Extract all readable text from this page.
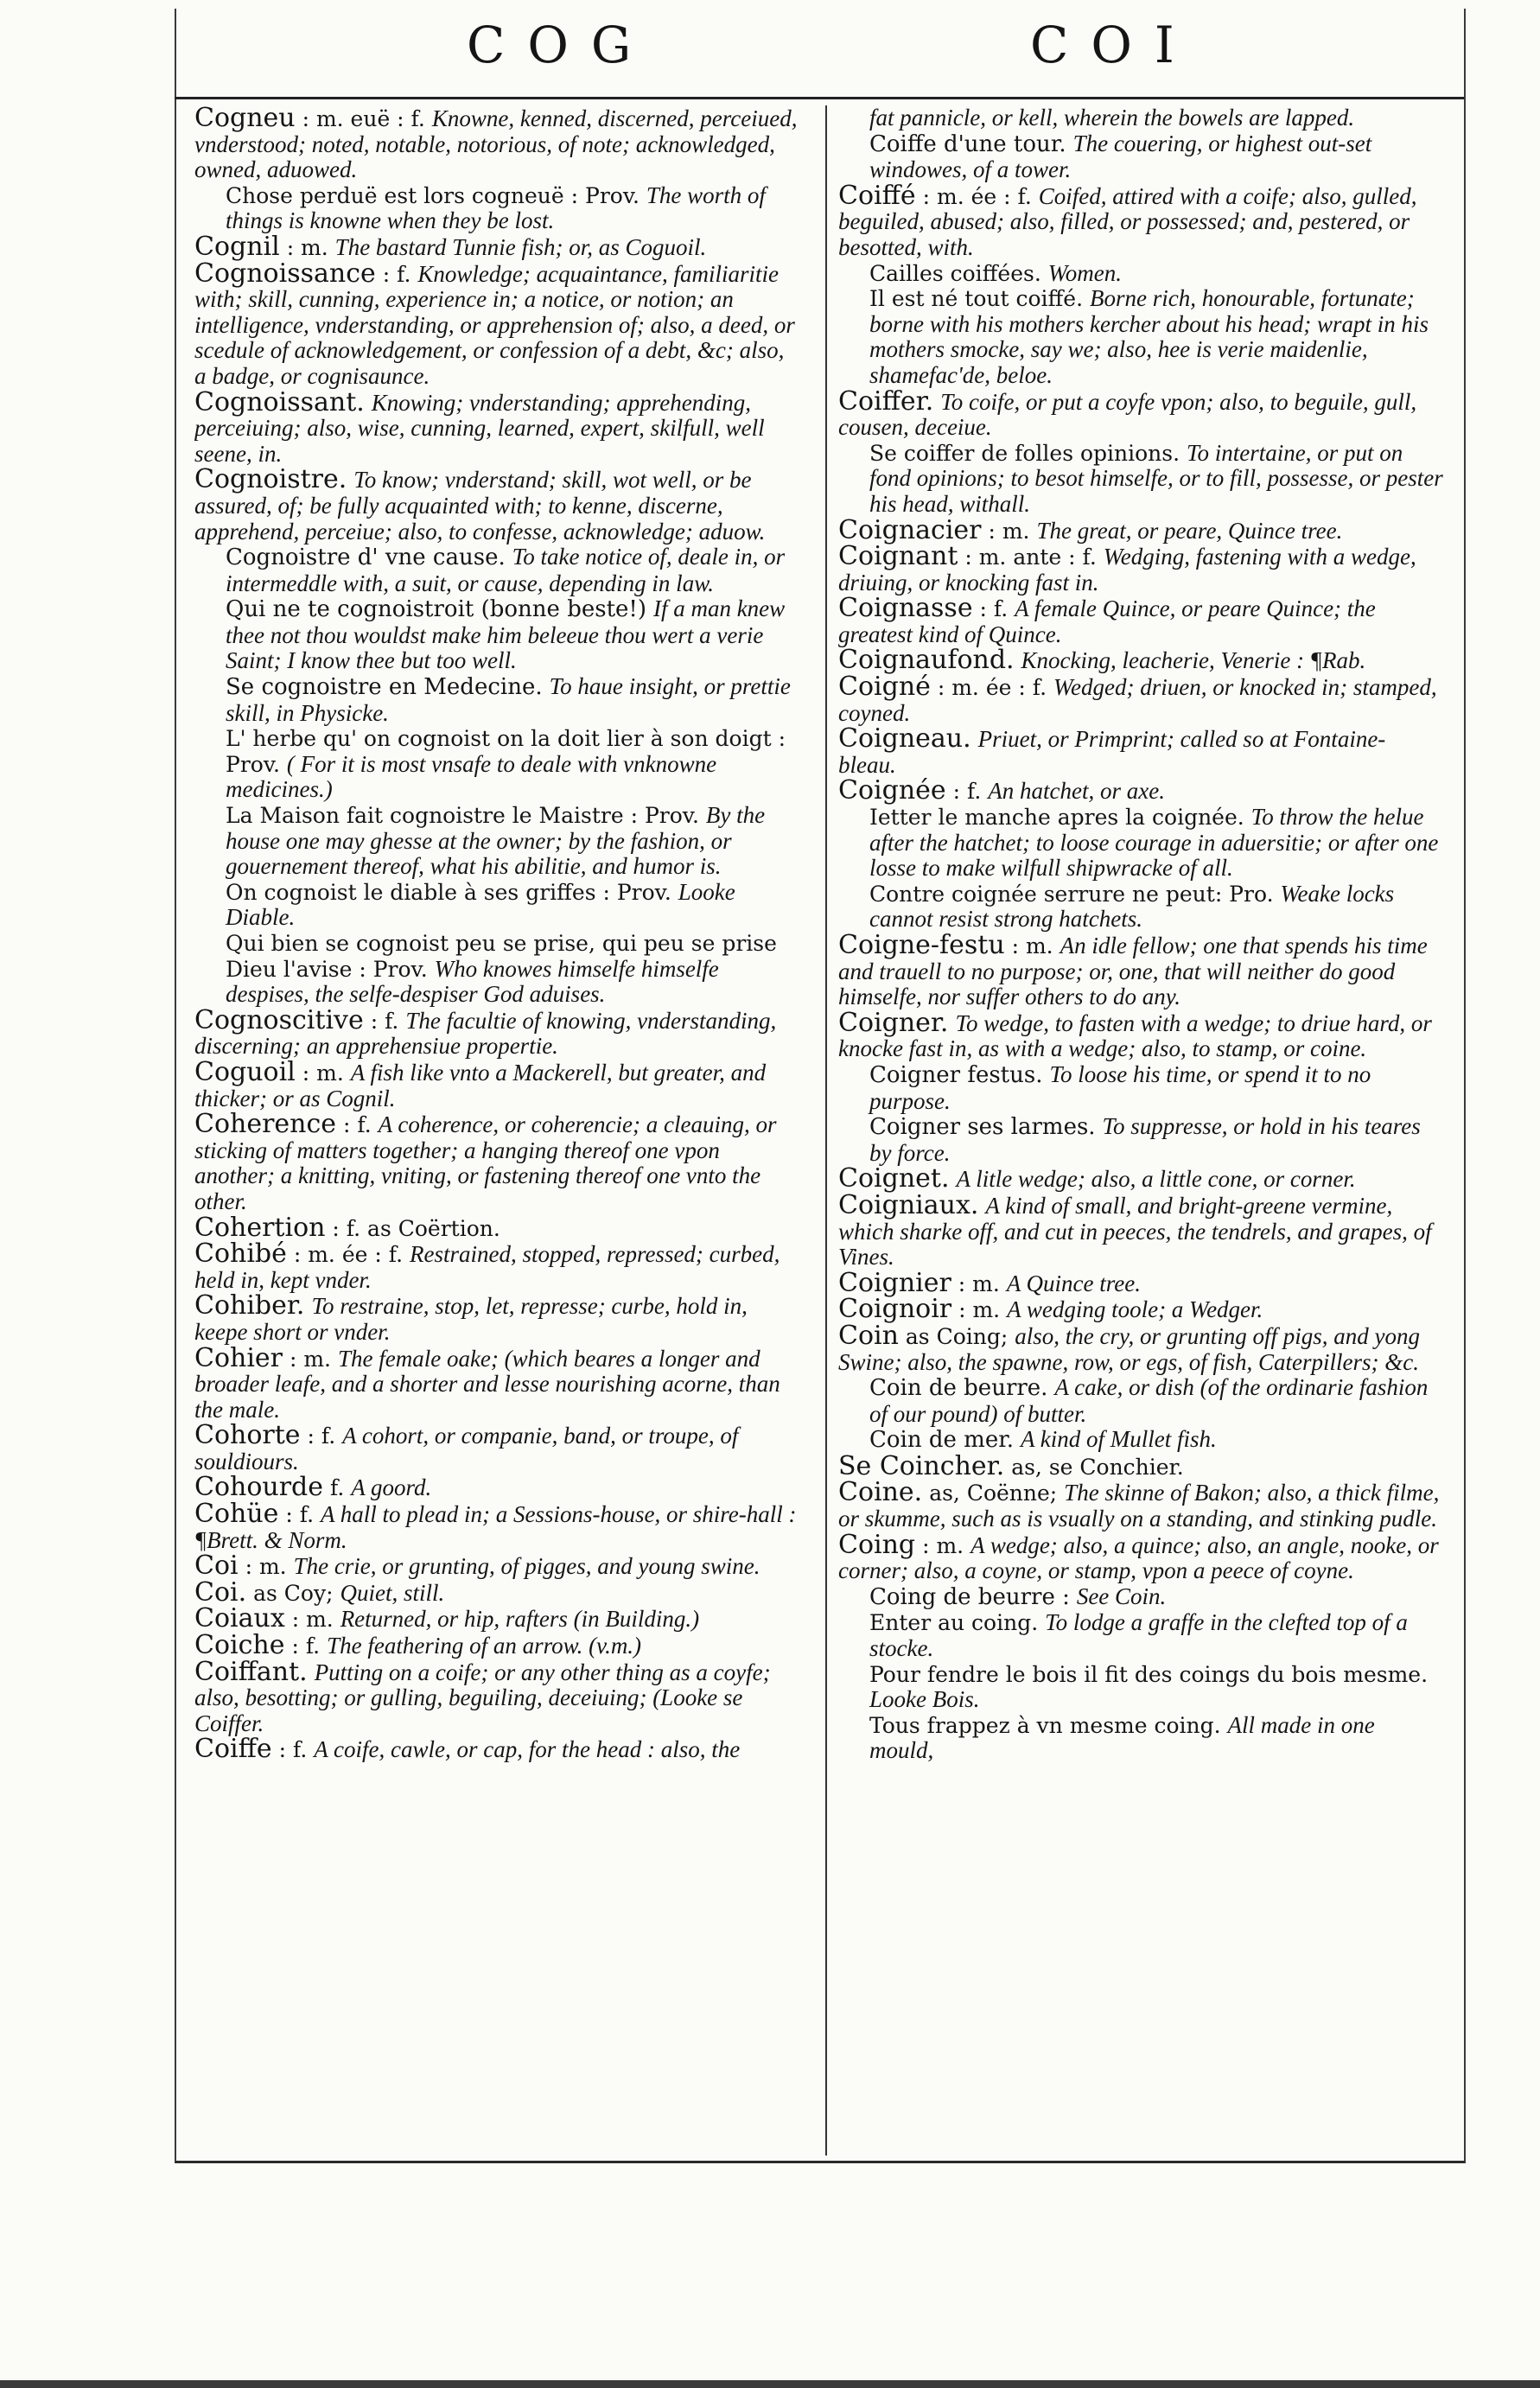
COG	COI

Cogneu : m. euë : f. Knowne, kenned, discerned, perceiued, vnderstood; noted, notable, notorious, of note; acknowledged, owned, aduowed.

Chose perduë est lors cogneuë : Prov. The worth of things is knowne when they be lost.

Cognil : m. The bastard Tunnie fish; or, as Coguoil.

Cognoissance : f. Knowledge; acquaintance, familiaritie with; skill, cunning, experience in; a notice, or notion; an intelligence, vnderstanding, or apprehension of; also, a deed, or scedule of acknowledgement, or confession of a debt, &c; also, a badge, or cognisaunce.

Cognoissant. Knowing; vnderstanding; apprehending, perceiuing; also, wise, cunning, learned, expert, skilfull, well seene, in.

Cognoistre. To know; vnderstand; skill, wot well, or be assured, of; be fully acquainted with; to kenne, discerne, apprehend, perceiue; also, to confesse, acknowledge; aduow.

Cognoistre d' vne cause. To take notice of, deale in, or intermeddle with, a suit, or cause, depending in law.

Qui ne te cognoistroit (bonne beste!) If a man knew thee not thou wouldst make him beleeue thou wert a verie Saint; I know thee but too well.

Se cognoistre en Medecine. To haue insight, or prettie skill, in Physicke.

L' herbe qu' on cognoist on la doit lier à son doigt : Prov. ( For it is most vnsafe to deale with vnknowne medicines.)

La Maison fait cognoistre le Maistre : Prov. By the house one may ghesse at the owner; by the fashion, or gouernement thereof, what his abilitie, and humor is.

On cognoist le diable à ses griffes : Prov. Looke Diable.

Qui bien se cognoist peu se prise, qui peu se prise Dieu l'avise : Prov. Who knowes himselfe himselfe despises, the selfe-despiser God aduises.

Cognoscitive : f. The facultie of knowing, vnderstanding, discerning; an apprehensiue propertie.

Coguoil : m. A fish like vnto a Mackerell, but greater, and thicker; or as Cognil.

Coherence : f. A coherence, or coherencie; a cleauing, or sticking of matters together; a hanging thereof one vpon another; a knitting, vniting, or fastening thereof one vnto the other.

Cohertion : f. as Coërtion.

Cohibé : m. ée : f. Restrained, stopped, repressed; curbed, held in, kept vnder.

Cohiber. To restraine, stop, let, represse; curbe, hold in, keepe short or vnder.

Cohier : m. The female oake; (which beares a longer and broader leafe, and a shorter and lesse nourishing acorne, than the male.

Cohorte : f. A cohort, or companie, band, or troupe, of souldiours.

Cohourde f. A goord.

Cohüe : f. A hall to plead in; a Sessions-house, or shire-hall : ¶Brett. & Norm.

Coi : m. The crie, or grunting, of pigges, and young swine.

Coi. as Coy; Quiet, still.

Coiaux : m. Returned, or hip, rafters (in Building.)

Coiche : f. The feathering of an arrow. (v.m.)

Coiffant. Putting on a coife; or any other thing as a coyfe; also, besotting; or gulling, beguiling, deceiuing; (Looke se Coiffer.

Coiffe : f. A coife, cawle, or cap, for the head : also, the

fat pannicle, or kell, wherein the bowels are lapped.

Coiffe d'une tour. The couering, or highest out-set windowes, of a tower.

Coiffé : m. ée : f. Coifed, attired with a coife; also, gulled, beguiled, abused; also, filled, or possessed; and, pestered, or besotted, with.

Cailles coiffées. Women.

Il est né tout coiffé. Borne rich, honourable, fortunate; borne with his mothers kercher about his head; wrapt in his mothers smocke, say we; also, hee is verie maidenlie, shamefac'de, beloe.

Coiffer. To coife, or put a coyfe vpon; also, to beguile, gull, cousen, deceiue.

Se coiffer de folles opinions. To intertaine, or put on fond opinions; to besot himselfe, or to fill, possesse, or pester his head, withall.

Coignacier : m. The great, or peare, Quince tree.

Coignant : m. ante : f. Wedging, fastening with a wedge, driuing, or knocking fast in.

Coignasse : f. A female Quince, or peare Quince; the greatest kind of Quince.

Coignaufond. Knocking, leacherie, Venerie : ¶Rab.

Coigné : m. ée : f. Wedged; driuen, or knocked in; stamped, coyned.

Coigneau. Priuet, or Primprint; called so at Fontaine-bleau.

Coignée : f. An hatchet, or axe.

Ietter le manche apres la coignée. To throw the helue after the hatchet; to loose courage in aduersitie; or after one losse to make wilfull shipwracke of all.

Contre coignée serrure ne peut: Pro. Weake locks cannot resist strong hatchets.

Coigne-festu : m. An idle fellow; one that spends his time and trauell to no purpose; or, one, that will neither do good himselfe, nor suffer others to do any.

Coigner. To wedge, to fasten with a wedge; to driue hard, or knocke fast in, as with a wedge; also, to stamp, or coine.

Coigner festus. To loose his time, or spend it to no purpose.

Coigner ses larmes. To suppresse, or hold in his teares by force.

Coignet. A litle wedge; also, a little cone, or corner.

Coigniaux. A kind of small, and bright-greene vermine, which sharke off, and cut in peeces, the tendrels, and grapes, of Vines.

Coignier : m. A Quince tree.

Coignoir : m. A wedging toole; a Wedger.

Coin as Coing; also, the cry, or grunting off pigs, and yong Swine; also, the spawne, row, or egs, of fish, Caterpillers; &c.

Coin de beurre. A cake, or dish (of the ordinarie fashion of our pound) of butter.

Coin de mer. A kind of Mullet fish.

Se Coincher. as, se Conchier.

Coine. as, Coënne; The skinne of Bakon; also, a thick filme, or skumme, such as is vsually on a standing, and stinking pudle.

Coing : m. A wedge; also, a quince; also, an angle, nooke, or corner; also, a coyne, or stamp, vpon a peece of coyne.

Coing de beurre : See Coin.

Enter au coing. To lodge a graffe in the clefted top of a stocke.

Pour fendre le bois il fit des coings du bois mesme. Looke Bois.

Tous frappez à vn mesme coing. All made in one mould,
